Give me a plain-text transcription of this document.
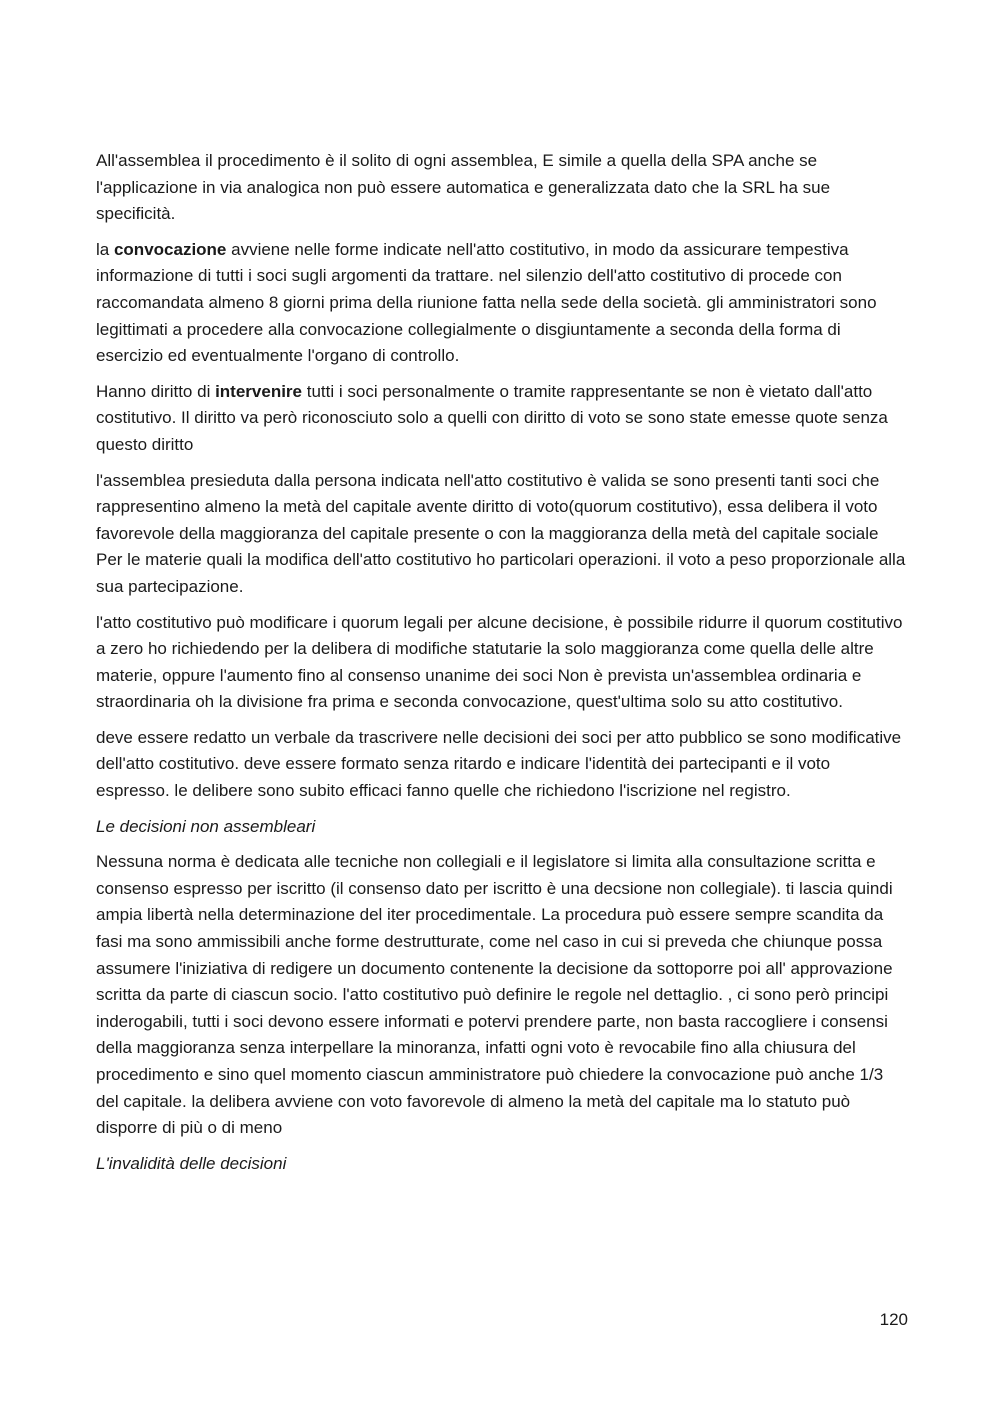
All'assemblea il procedimento è il solito di ogni assemblea, E simile a quella della SPA anche se l'applicazione in via analogica non può essere automatica e generalizzata dato che la SRL ha sue specificità.

la convocazione avviene nelle forme indicate nell'atto costitutivo, in modo da assicurare tempestiva informazione di tutti i soci sugli argomenti da trattare. nel silenzio dell'atto costitutivo di procede con raccomandata almeno 8 giorni prima della riunione fatta nella sede della società. gli amministratori sono legittimati a procedere alla convocazione collegialmente o disgiuntamente a seconda della forma di esercizio ed eventualmente l'organo di controllo.

Hanno diritto di intervenire tutti i soci personalmente o tramite rappresentante se non è vietato dall'atto costitutivo. Il diritto va però riconosciuto solo a quelli con diritto di voto se sono state emesse quote senza questo diritto

l'assemblea presieduta dalla persona indicata nell'atto costitutivo è valida se sono presenti tanti soci che rappresentino almeno la metà del capitale avente diritto di voto(quorum costitutivo), essa delibera il voto favorevole della maggioranza del capitale presente o con la maggioranza della metà del capitale sociale Per le materie quali la modifica dell'atto costitutivo ho particolari operazioni. il voto a peso proporzionale alla sua partecipazione.

l'atto costitutivo può modificare i quorum legali per alcune decisione, è possibile ridurre il quorum costitutivo a zero ho richiedendo per la delibera di modifiche statutarie la solo maggioranza come quella delle altre materie, oppure l'aumento fino al consenso unanime dei soci Non è prevista un'assemblea ordinaria e straordinaria oh la divisione fra prima e seconda convocazione, quest'ultima solo su atto costitutivo.

deve essere redatto un verbale da trascrivere nelle decisioni dei soci per atto pubblico se sono modificative dell'atto costitutivo. deve essere formato senza ritardo e indicare l'identità dei partecipanti e il voto espresso. le delibere sono subito efficaci fanno quelle che richiedono l'iscrizione nel registro.

Le decisioni non assembleari

Nessuna norma è dedicata alle tecniche non collegiali e il legislatore si limita alla consultazione scritta e consenso espresso per iscritto (il consenso dato per iscritto è una decsione non collegiale). ti lascia quindi ampia libertà nella determinazione del iter procedimentale. La procedura può essere sempre scandita da fasi ma sono ammissibili anche forme destrutturate, come nel caso in cui si preveda che chiunque possa assumere l'iniziativa di redigere un documento contenente la decisione da sottoporre poi all' approvazione scritta da parte di ciascun socio. l'atto costitutivo può definire le regole nel dettaglio. , ci sono però principi inderogabili, tutti i soci devono essere informati e potervi prendere parte, non basta raccogliere i consensi della maggioranza senza interpellare la minoranza, infatti ogni voto è revocabile fino alla chiusura del procedimento e sino quel momento ciascun amministratore può chiedere la convocazione può anche 1/3 del capitale. la delibera avviene con voto favorevole di almeno la metà del capitale ma lo statuto può disporre di più o di meno

L'invalidità delle decisioni

120
